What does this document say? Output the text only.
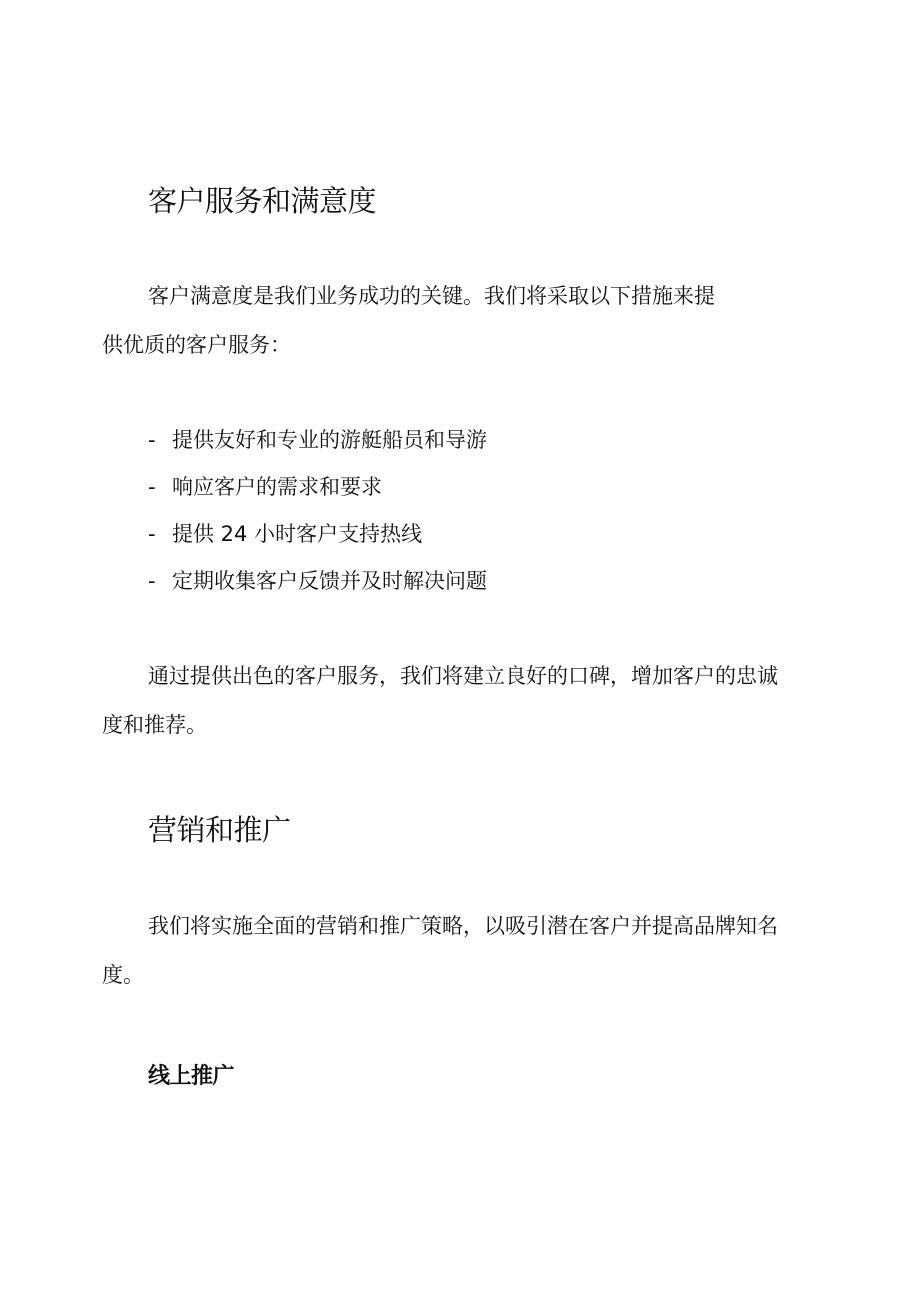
客户服务和满意度

客户满意度是我们业务成功的关键。我们将采取以下措施来提

供优质的客户服务：

- 提供友好和专业的游艇船员和导游
- 响应客户的需求和要求
- 提供 24 小时客户支持热线
- 定期收集客户反馈并及时解决问题

通过提供出色的客户服务，我们将建立良好的口碑，增加客户的忠诚

度和推荐。

营销和推广

我们将实施全面的营销和推广策略，以吸引潜在客户并提高品牌知名

度。

线上推广
